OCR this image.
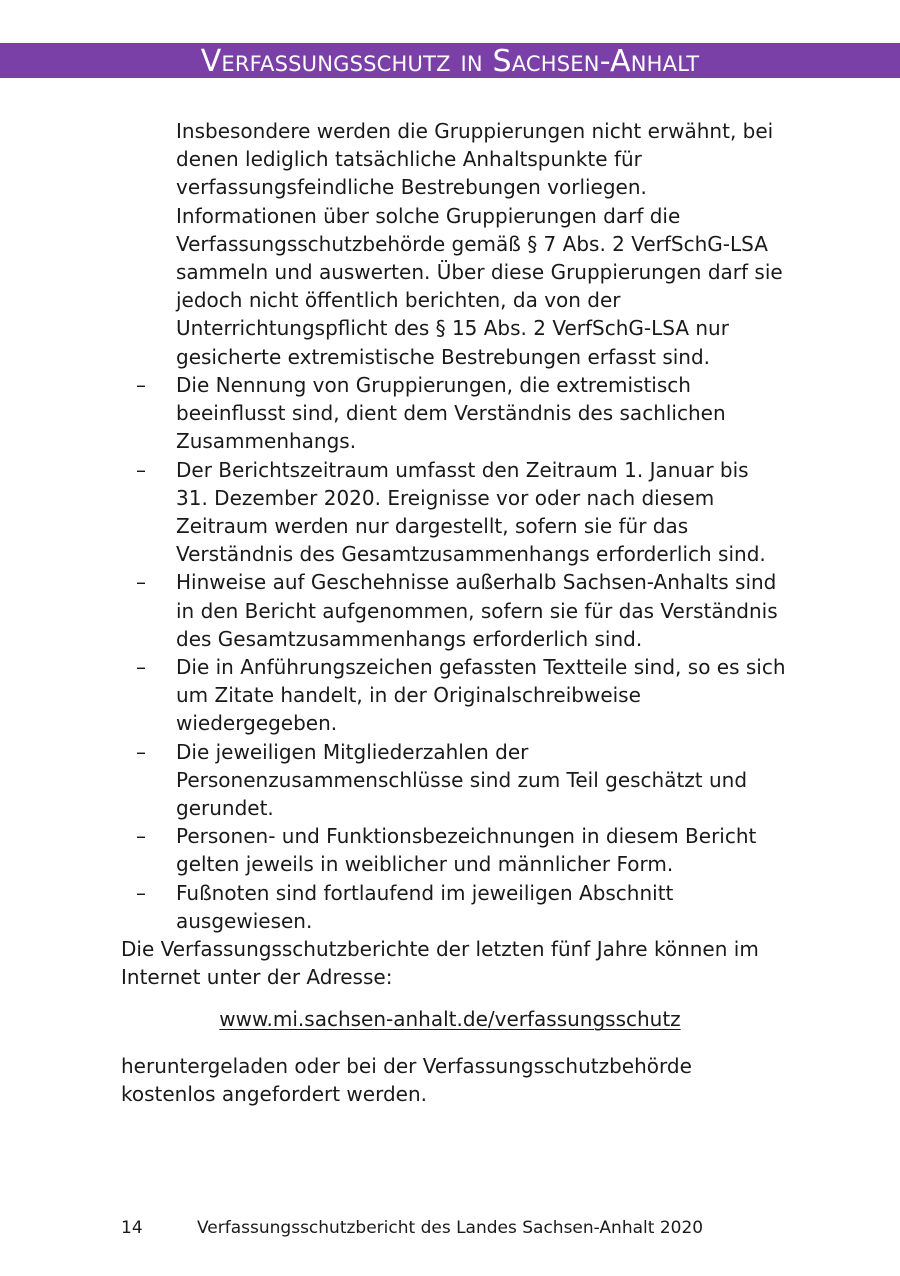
Verfassungsschutz in Sachsen-Anhalt

Insbesondere werden die Gruppierungen nicht erwähnt, bei denen lediglich tatsächliche Anhaltspunkte für verfassungsfeindliche Bestrebungen vorliegen. Informationen über solche Gruppierungen darf die Verfassungsschutzbehörde gemäß § 7 Abs. 2 VerfSchG-LSA sammeln und auswerten. Über diese Gruppierungen darf sie jedoch nicht öffentlich berichten, da von der Unterrichtungspflicht des § 15 Abs. 2 VerfSchG-LSA nur gesicherte extremistische Bestrebungen erfasst sind.

– Die Nennung von Gruppierungen, die extremistisch beeinflusst sind, dient dem Verständnis des sachlichen Zusammenhangs.
– Der Berichtszeitraum umfasst den Zeitraum 1. Januar bis 31. Dezember 2020. Ereignisse vor oder nach diesem Zeitraum werden nur dargestellt, sofern sie für das Verständnis des Gesamtzusammenhangs erforderlich sind.
– Hinweise auf Geschehnisse außerhalb Sachsen-Anhalts sind in den Bericht aufgenommen, sofern sie für das Verständnis des Gesamtzusammenhangs erforderlich sind.
– Die in Anführungszeichen gefassten Textteile sind, so es sich um Zitate handelt, in der Originalschreibweise wiedergegeben.
– Die jeweiligen Mitgliederzahlen der Personenzusammenschlüsse sind zum Teil geschätzt und gerundet.
– Personen- und Funktionsbezeichnungen in diesem Bericht gelten jeweils in weiblicher und männlicher Form.
– Fußnoten sind fortlaufend im jeweiligen Abschnitt ausgewiesen.

Die Verfassungsschutzberichte der letzten fünf Jahre können im Internet unter der Adresse:

www.mi.sachsen-anhalt.de/verfassungsschutz

heruntergeladen oder bei der Verfassungsschutzbehörde kostenlos angefordert werden.

14	Verfassungsschutzbericht des Landes Sachsen-Anhalt 2020
